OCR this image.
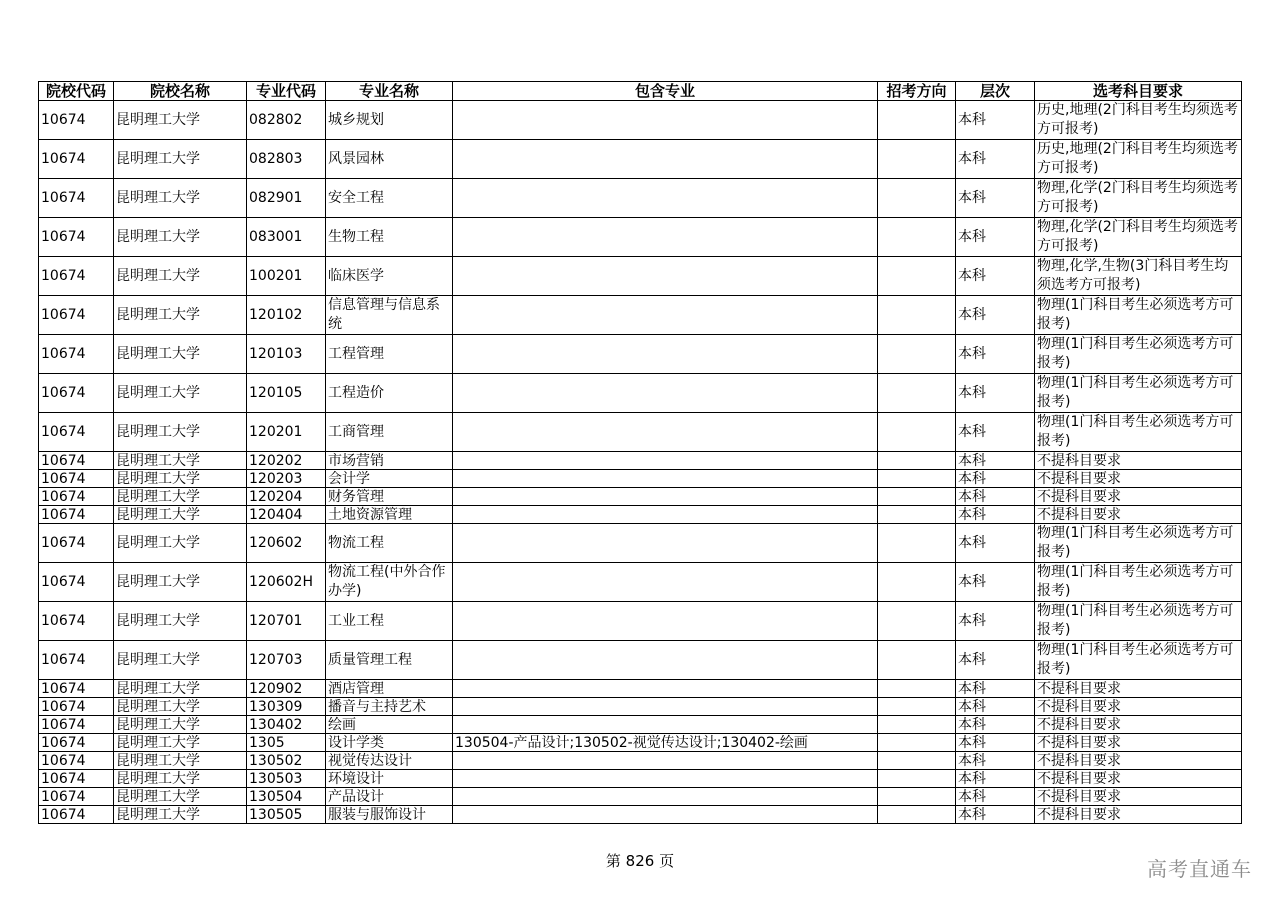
院校代码	院校名称	专业代码	专业名称	包含专业	招考方向	层次	选考科目要求
10674	昆明理工大学	082802	城乡规划			本科	历史,地理(2门科目考生均须选考方可报考)
10674	昆明理工大学	082803	风景园林			本科	历史,地理(2门科目考生均须选考方可报考)
10674	昆明理工大学	082901	安全工程			本科	物理,化学(2门科目考生均须选考方可报考)
10674	昆明理工大学	083001	生物工程			本科	物理,化学(2门科目考生均须选考方可报考)
10674	昆明理工大学	100201	临床医学			本科	物理,化学,生物(3门科目考生均须选考方可报考)
10674	昆明理工大学	120102	信息管理与信息系统			本科	物理(1门科目考生必须选考方可报考)
10674	昆明理工大学	120103	工程管理			本科	物理(1门科目考生必须选考方可报考)
10674	昆明理工大学	120105	工程造价			本科	物理(1门科目考生必须选考方可报考)
10674	昆明理工大学	120201	工商管理			本科	物理(1门科目考生必须选考方可报考)
10674	昆明理工大学	120202	市场营销			本科	不提科目要求
10674	昆明理工大学	120203	会计学			本科	不提科目要求
10674	昆明理工大学	120204	财务管理			本科	不提科目要求
10674	昆明理工大学	120404	土地资源管理			本科	不提科目要求
10674	昆明理工大学	120602	物流工程			本科	物理(1门科目考生必须选考方可报考)
10674	昆明理工大学	120602H	物流工程(中外合作办学)			本科	物理(1门科目考生必须选考方可报考)
10674	昆明理工大学	120701	工业工程			本科	物理(1门科目考生必须选考方可报考)
10674	昆明理工大学	120703	质量管理工程			本科	物理(1门科目考生必须选考方可报考)
10674	昆明理工大学	120902	酒店管理			本科	不提科目要求
10674	昆明理工大学	130309	播音与主持艺术			本科	不提科目要求
10674	昆明理工大学	130402	绘画			本科	不提科目要求
10674	昆明理工大学	1305	设计学类	130504-产品设计;130502-视觉传达设计;130402-绘画		本科	不提科目要求
10674	昆明理工大学	130502	视觉传达设计			本科	不提科目要求
10674	昆明理工大学	130503	环境设计			本科	不提科目要求
10674	昆明理工大学	130504	产品设计			本科	不提科目要求
10674	昆明理工大学	130505	服装与服饰设计			本科	不提科目要求
第 826 页	高考直通车
